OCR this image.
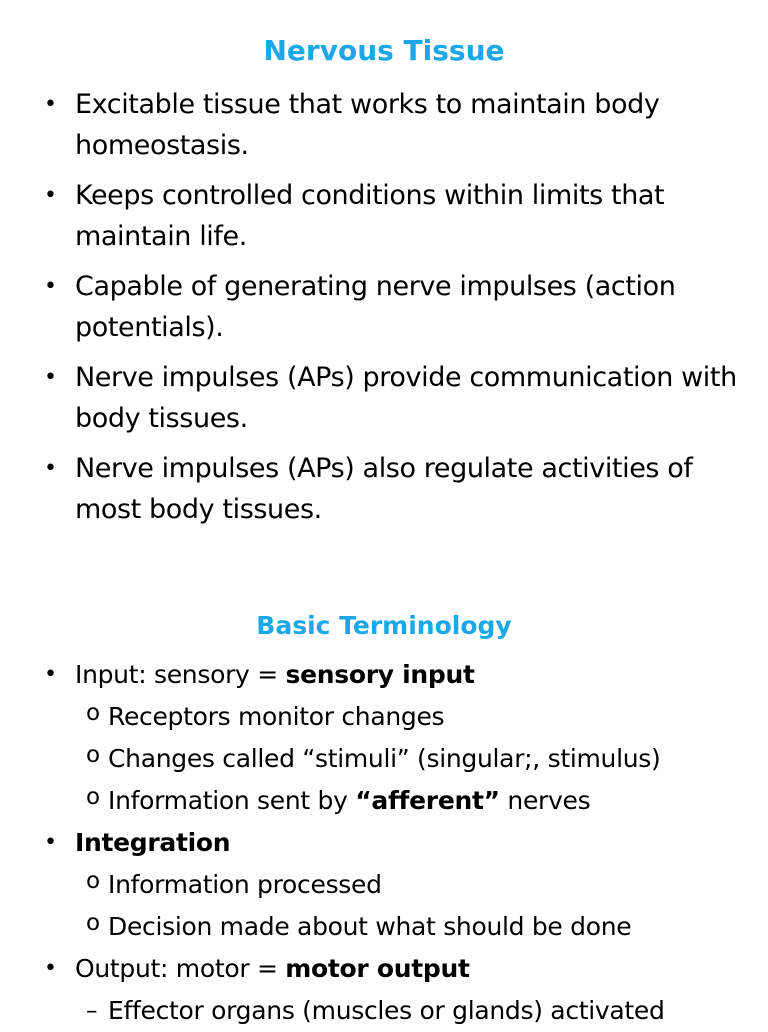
Nervous Tissue
• Excitable tissue that works to maintain body homeostasis.
• Keeps controlled conditions within limits that maintain life.
• Capable of generating nerve impulses (action potentials).
• Nerve impulses (APs) provide communication with body tissues.
• Nerve impulses (APs) also regulate activities of most body tissues.
Basic Terminology
• Input: sensory = sensory input
o Receptors monitor changes
o Changes called “stimuli” (singular;, stimulus)
o Information sent by “afferent” nerves
• Integration
o Information processed
o Decision made about what should be done
• Output: motor = motor output
– Effector organs (muscles or glands) activated
